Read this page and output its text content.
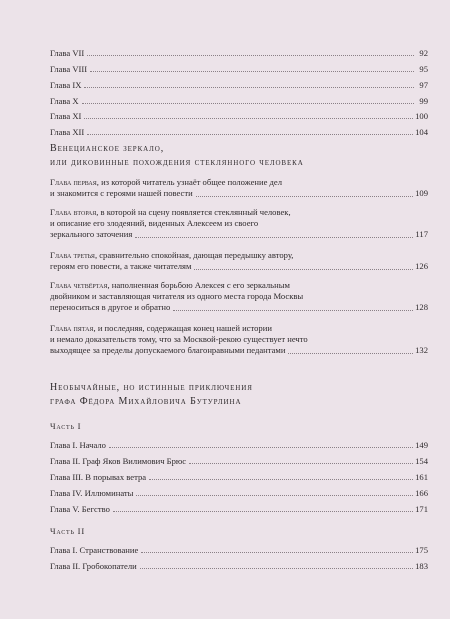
Глава VII	92
Глава VIII	95
Глава IX	97
Глава X	99
Глава XI	100
Глава XII	104
Венецианское зеркало,
или диковинные похождения стеклянного человека
Глава первая, из которой читатель узнаёт общее положение дел
и знакомится с героями нашей повести	109
Глава вторая, в которой на сцену появляется стеклянный человек,
и описание его злодеяний, виденных Алексеем из своего
зеркального заточения	117
Глава третья, сравнительно спокойная, дающая передышку автору,
героям его повести, а также читателям	126
Глава четвёртая, наполненная борьбою Алексея с его зеркальным
двойником и заставляющая читателя из одного места города Москвы
переноситься в другое и обратно	128
Глава пятая, и последняя, содержащая конец нашей истории
и немало доказательств тому, что за Москвой-рекою существует нечто
выходящее за пределы допускаемого благонравными педантами	132
Необычайные, но истинные приключения
графа Фёдора Михайловича Бутурлина
Часть I
Глава I. Начало	149
Глава II. Граф Яков Вилимович Брюс	154
Глава III. В порывах ветра	161
Глава IV. Иллюминаты	166
Глава V. Бегство	171
Часть II
Глава I. Странствование	175
Глава II. Гробокопатели	183
